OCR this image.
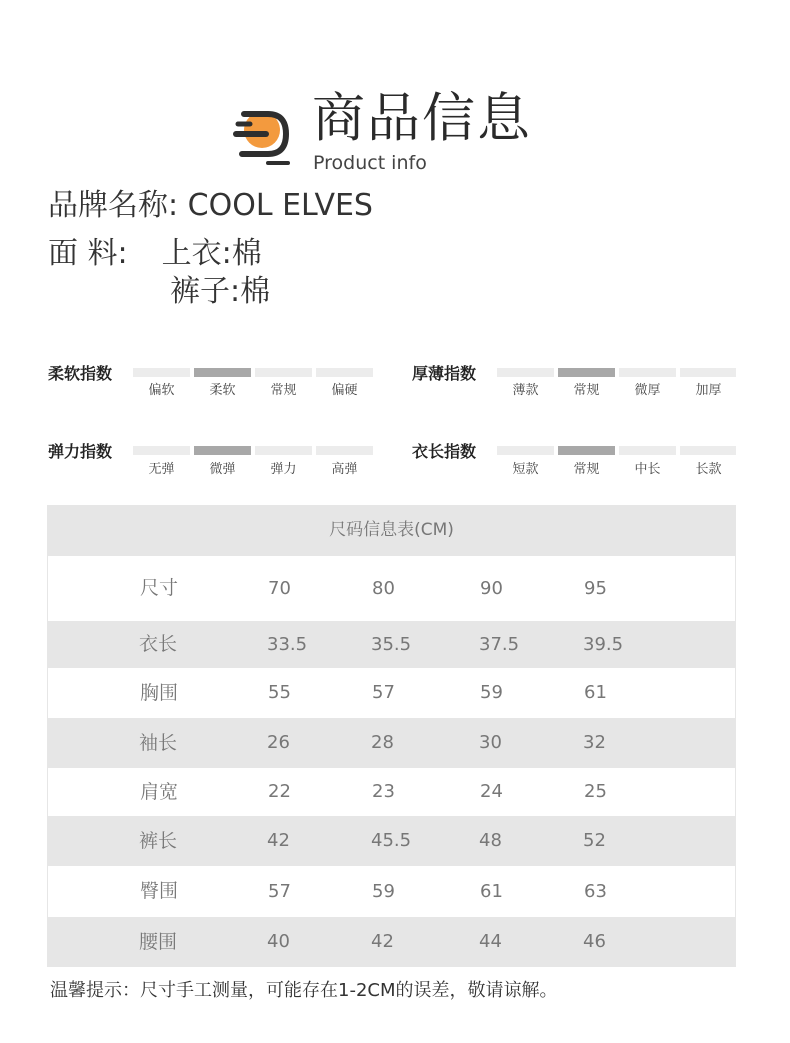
商品信息
Product info
品牌名称: COOL ELVES
面 料: 上衣:棉
裤子:棉
柔软指数
偏软	柔软	常规	偏硬
厚薄指数
薄款	常规	微厚	加厚
弹力指数
无弹	微弹	弹力	高弹
衣长指数
短款	常规	中长	长款
尺码信息表(CM)
尺寸	70	80	90	95
衣长	33.5	35.5	37.5	39.5
胸围	55	57	59	61
袖长	26	28	30	32
肩宽	22	23	24	25
裤长	42	45.5	48	52
臀围	57	59	61	63
腰围	40	42	44	46
温馨提示：尺寸手工测量，可能存在1-2CM的误差，敬请谅解。
